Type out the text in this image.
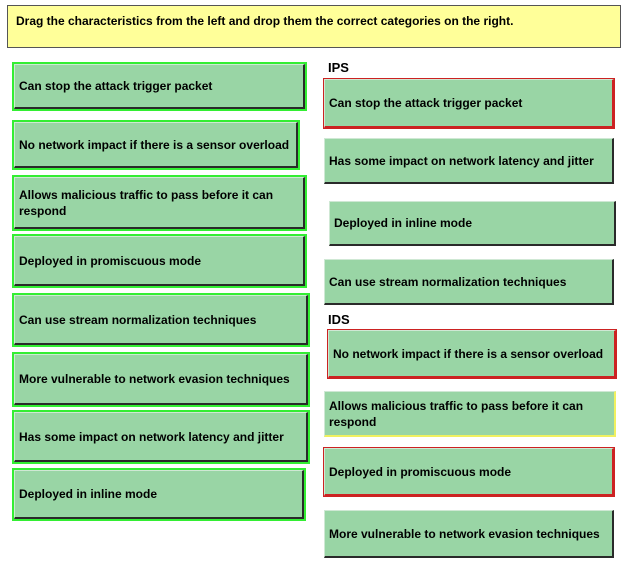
Drag the characteristics from the left and drop them the correct categories on the right.
Can stop the attack trigger packet
No network impact if there is a sensor overload
Allows malicious traffic to pass before it can respond
Deployed in promiscuous mode
Can use stream normalization techniques
More vulnerable to network evasion techniques
Has some impact on network latency and jitter
Deployed in inline mode
IPS
Can stop the attack trigger packet
Has some impact on network latency and jitter
Deployed in inline mode
Can use stream normalization techniques
IDS
No network impact if there is a sensor overload
Allows malicious traffic to pass before it can respond
Deployed in promiscuous mode
More vulnerable to network evasion techniques
